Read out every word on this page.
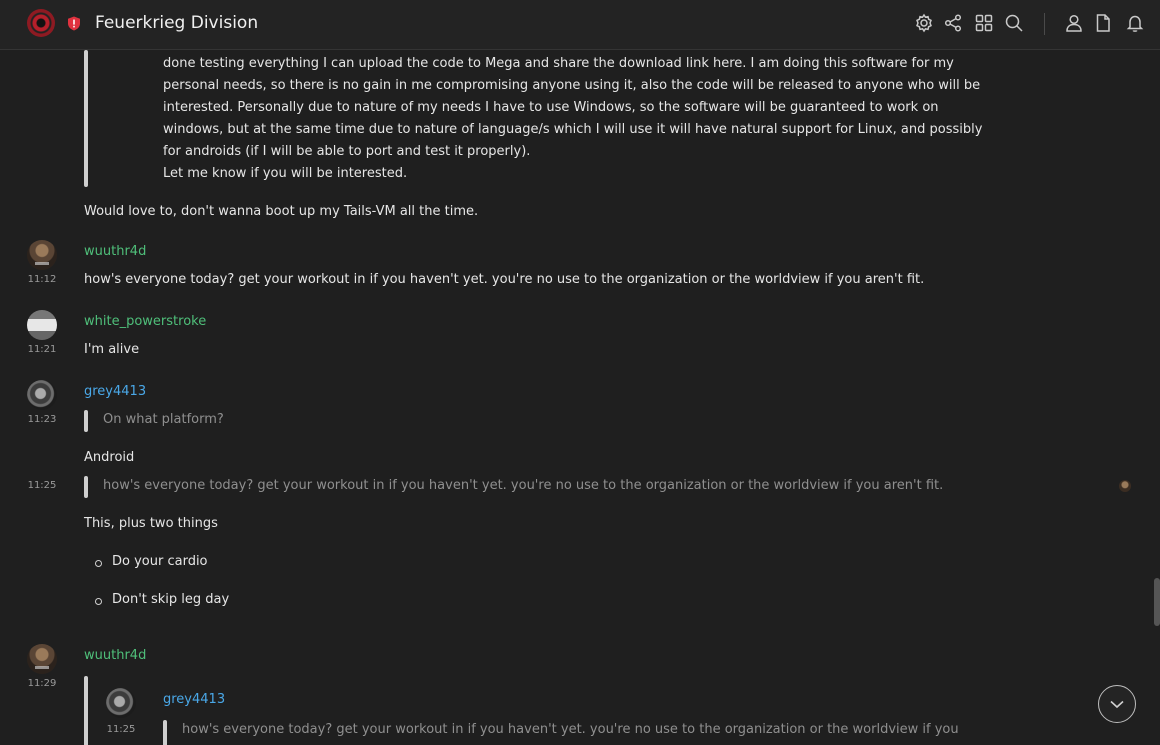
Feuerkrieg Division
done testing everything I can upload the code to Mega and share the download link here. I am doing this software for my
personal needs, so there is no gain in me compromising anyone using it, also the code will be released to anyone who will be
interested. Personally due to nature of my needs I have to use Windows, so the software will be guaranteed to work on
windows, but at the same time due to nature of language/s which I will use it will have natural support for Linux, and possibly
for androids (if I will be able to port and test it properly).
Let me know if you will be interested.
Would love to, don't wanna boot up my Tails-VM all the time.
11:12
wuuthr4d
how's everyone today? get your workout in if you haven't yet. you're no use to the organization or the worldview if you aren't fit.
11:21
white_powerstroke
I'm alive
11:23
grey4413
On what platform?
Android
11:25	how's everyone today? get your workout in if you haven't yet. you're no use to the organization or the worldview if you aren't fit.
This, plus two things
Do your cardio
Don't skip leg day
11:29
wuuthr4d
11:25
grey4413
how's everyone today? get your workout in if you haven't yet. you're no use to the organization or the worldview if you
